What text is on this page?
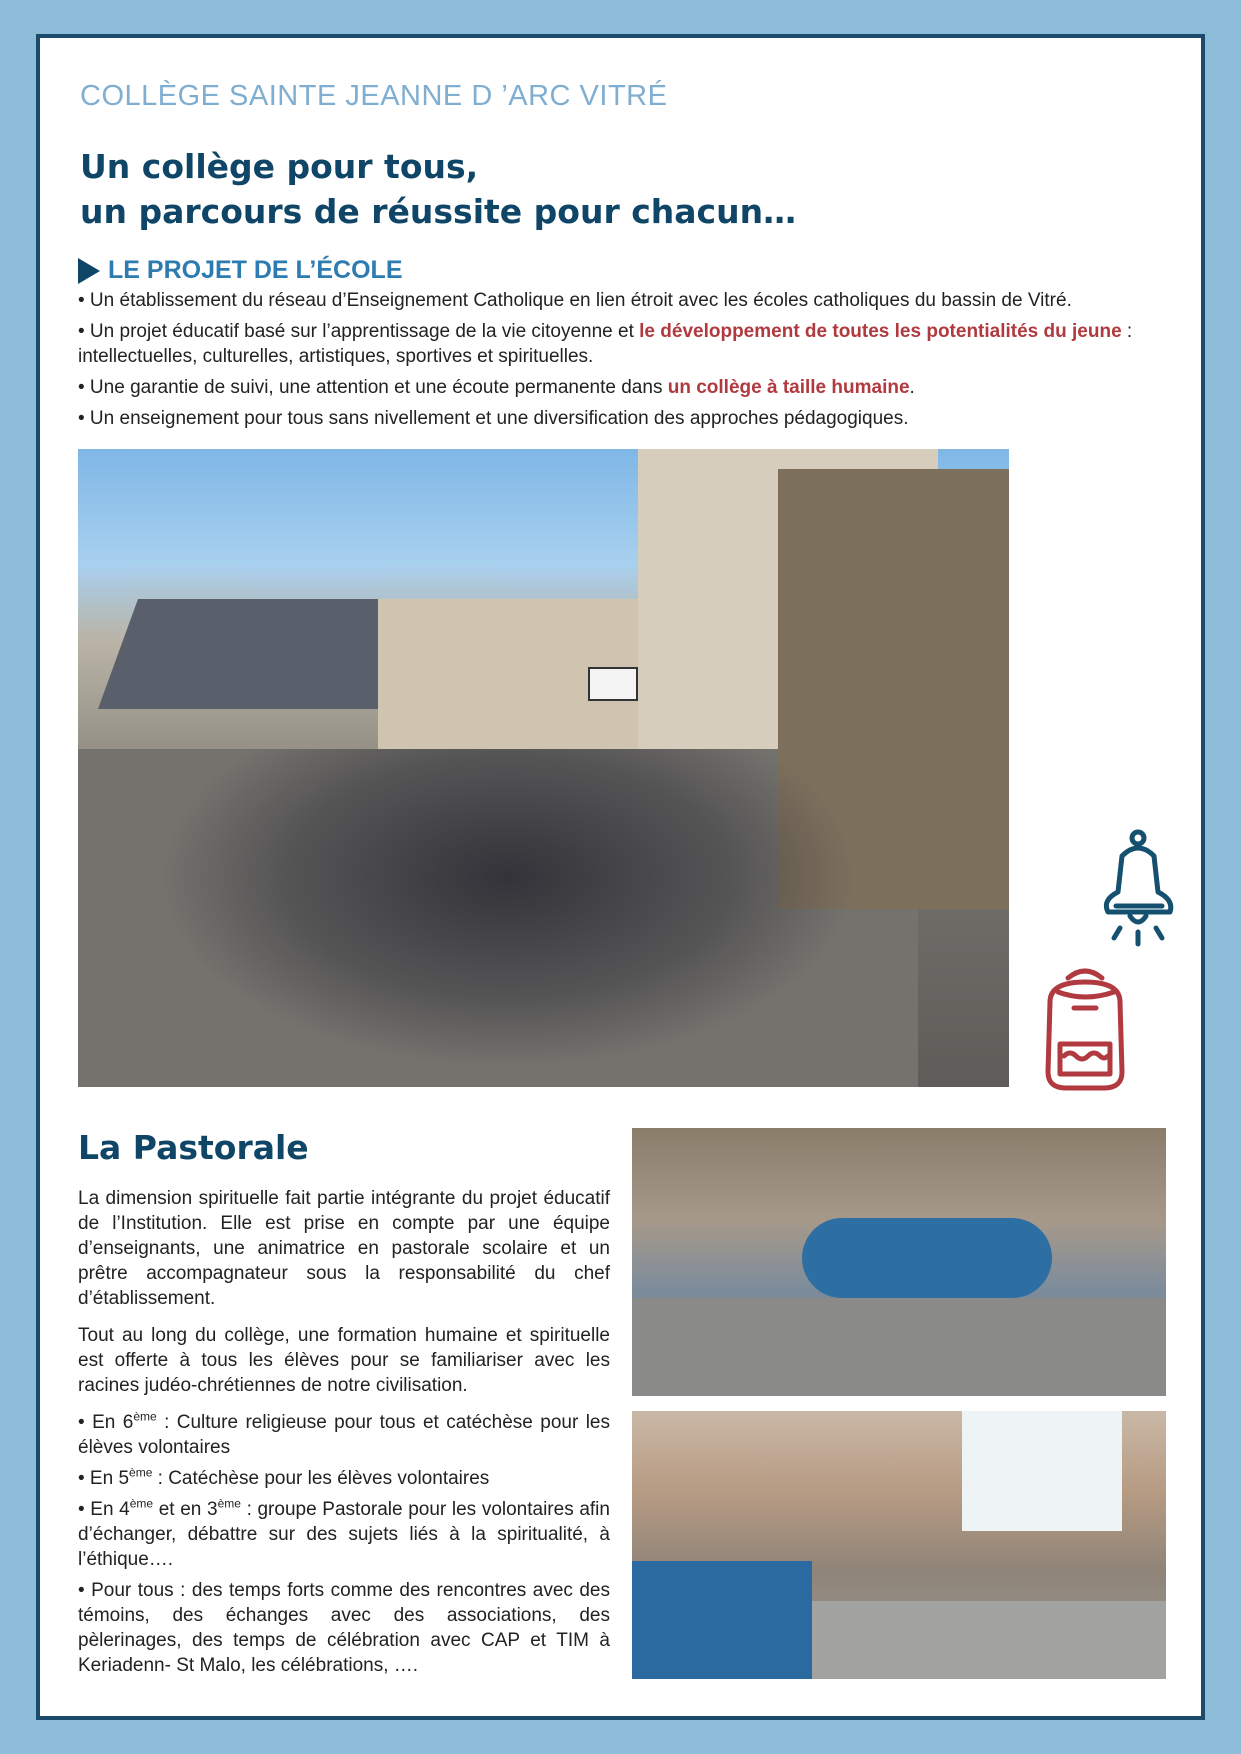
COLLÈGE SAINTE JEANNE D ’ARC VITRÉ
Un collège pour tous,
un parcours de réussite pour chacun…
LE PROJET DE L’ÉCOLE

• Un établissement du réseau d’Enseignement Catholique en lien étroit avec les écoles catholiques du bassin de Vitré.

• Un projet éducatif basé sur l’apprentissage de la vie citoyenne et le développement de toutes les potentialités du jeune : intellectuelles, culturelles, artistiques, sportives et spirituelles.

• Une garantie de suivi, une attention et une écoute permanente dans un collège à taille humaine.

• Un enseignement pour tous sans nivellement et une diversification des approches pédagogiques.

La Pastorale

La dimension spirituelle fait partie intégrante du projet éducatif de l’Institution. Elle est prise en compte par une équipe d’enseignants, une animatrice en pastorale scolaire et un prêtre accompagnateur sous la responsabilité du chef d’établissement.

Tout au long du collège, une formation humaine et spirituelle est offerte à tous les élèves pour se familiariser avec les racines judéo-chrétiennes de notre civilisation.

• En 6ème : Culture religieuse pour tous et catéchèse pour les élèves volontaires
• En 5ème : Catéchèse pour les élèves volontaires
• En 4ème et en 3ème : groupe Pastorale pour les volontaires afin d’échanger, débattre sur des sujets liés à la spiritualité, à l’éthique….
• Pour tous : des temps forts comme des rencontres avec des témoins, des échanges avec des associations, des pèlerinages, des temps de célébration avec CAP et TIM à Keriadenn- St Malo, les célébrations, ….
